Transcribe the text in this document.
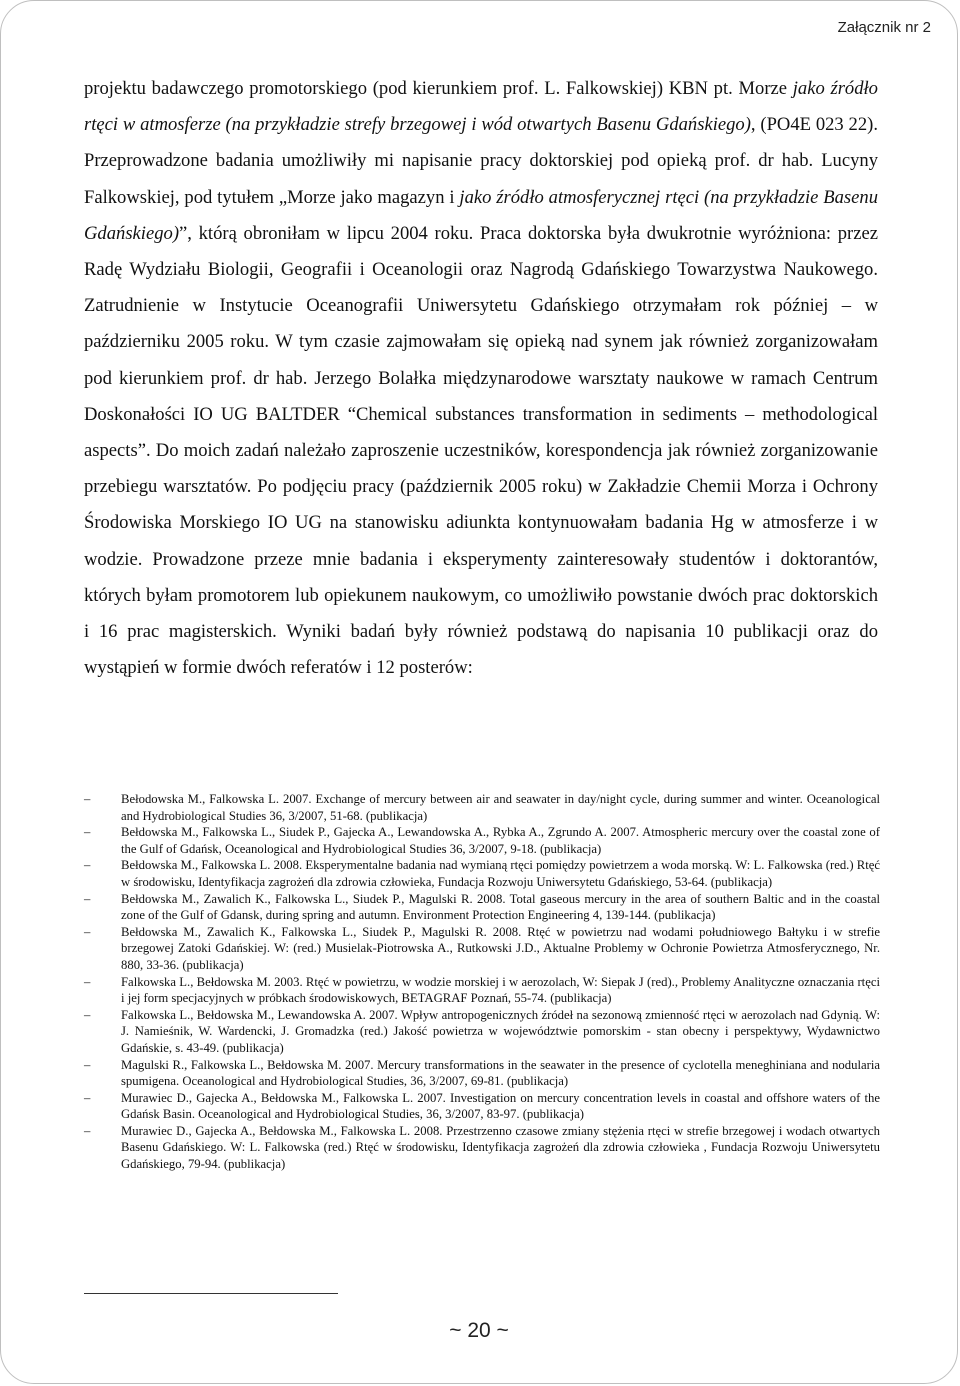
Załącznik nr 2

projektu badawczego promotorskiego (pod kierunkiem prof. L. Falkowskiej) KBN pt. Morze jako źródło rtęci w atmosferze (na przykładzie strefy brzegowej i wód otwartych Basenu Gdańskiego), (PO4E 023 22). Przeprowadzone badania umożliwiły mi napisanie pracy doktorskiej pod opieką prof. dr hab. Lucyny Falkowskiej, pod tytułem „Morze jako magazyn i jako źródło atmosferycznej rtęci (na przykładzie Basenu Gdańskiego)”, którą obroniłam w lipcu 2004 roku. Praca doktorska była dwukrotnie wyróżniona: przez Radę Wydziału Biologii, Geografii i Oceanologii oraz Nagrodą Gdańskiego Towarzystwa Naukowego. Zatrudnienie w Instytucie Oceanografii Uniwersytetu Gdańskiego otrzymałam rok później – w październiku 2005 roku. W tym czasie zajmowałam się opieką nad synem jak również zorganizowałam pod kierunkiem prof. dr hab. Jerzego Bolałka międzynarodowe warsztaty naukowe w ramach Centrum Doskonałości IO UG BALTDER “Chemical substances transformation in sediments – methodological aspects”. Do moich zadań należało zaproszenie uczestników, korespondencja jak również zorganizowanie przebiegu warsztatów. Po podjęciu pracy (październik 2005 roku) w Zakładzie Chemii Morza i Ochrony Środowiska Morskiego IO UG na stanowisku adiunkta kontynuowałam badania Hg w atmosferze i w wodzie. Prowadzone przeze mnie badania i eksperymenty zainteresowały studentów i doktorantów, których byłam promotorem lub opiekunem naukowym, co umożliwiło powstanie dwóch prac doktorskich i 16 prac magisterskich. Wyniki badań były również podstawą do napisania 10 publikacji oraz do wystąpień w formie dwóch referatów i 12 posterów:

– Bełodowska M., Falkowska L. 2007. Exchange of mercury between air and seawater in day/night cycle, during summer and winter. Oceanological and Hydrobiological Studies 36, 3/2007, 51-68. (publikacja)
– Bełdowska M., Falkowska L., Siudek P., Gajecka A., Lewandowska A., Rybka A., Zgrundo A. 2007. Atmospheric mercury over the coastal zone of the Gulf of Gdańsk, Oceanological and Hydrobiological Studies 36, 3/2007, 9-18. (publikacja)
– Bełdowska M., Falkowska L. 2008. Eksperymentalne badania nad wymianą rtęci pomiędzy powietrzem a woda morską. W: L. Falkowska (red.) Rtęć w środowisku, Identyfikacja zagrożeń dla zdrowia człowieka, Fundacja Rozwoju Uniwersytetu Gdańskiego, 53-64. (publikacja)
– Bełdowska M., Zawalich K., Falkowska L., Siudek P., Magulski R. 2008. Total gaseous mercury in the area of southern Baltic and in the coastal zone of the Gulf of Gdansk, during spring and autumn. Environment Protection Engineering 4, 139-144. (publikacja)
– Bełdowska M., Zawalich K., Falkowska L., Siudek P., Magulski R. 2008. Rtęć w powietrzu nad wodami południowego Bałtyku i w strefie brzegowej Zatoki Gdańskiej. W: (red.) Musielak-Piotrowska A., Rutkowski J.D., Aktualne Problemy w Ochronie Powietrza Atmosferycznego, Nr. 880, 33-36. (publikacja)
– Falkowska L., Bełdowska M. 2003. Rtęć w powietrzu, w wodzie morskiej i w aerozolach, W: Siepak J (red)., Problemy Analityczne oznaczania rtęci i jej form specjacyjnych w próbkach środowiskowych, BETAGRAF Poznań, 55-74. (publikacja)
– Falkowska L., Bełdowska M., Lewandowska A. 2007. Wpływ antropogenicznych źródeł na sezonową zmienność rtęci w aerozolach nad Gdynią. W: J. Namieśnik, W. Wardencki, J. Gromadzka (red.) Jakość powietrza w województwie pomorskim - stan obecny i perspektywy, Wydawnictwo Gdańskie, s. 43-49. (publikacja)
– Magulski R., Falkowska L., Bełdowska M. 2007. Mercury transformations in the seawater in the presence of cyclotella meneghiniana and nodularia spumigena. Oceanological and Hydrobiological Studies, 36, 3/2007, 69-81. (publikacja)
– Murawiec D., Gajecka A., Bełdowska M., Falkowska L. 2007. Investigation on mercury concentration levels in coastal and offshore waters of the Gdańsk Basin. Oceanological and Hydrobiological Studies, 36, 3/2007, 83-97. (publikacja)
– Murawiec D., Gajecka A., Bełdowska M., Falkowska L. 2008. Przestrzenno czasowe zmiany stężenia rtęci w strefie brzegowej i wodach otwartych Basenu Gdańskiego. W: L. Falkowska (red.) Rtęć w środowisku, Identyfikacja zagrożeń dla zdrowia człowieka , Fundacja Rozwoju Uniwersytetu Gdańskiego, 79-94. (publikacja)
~ 20 ~
